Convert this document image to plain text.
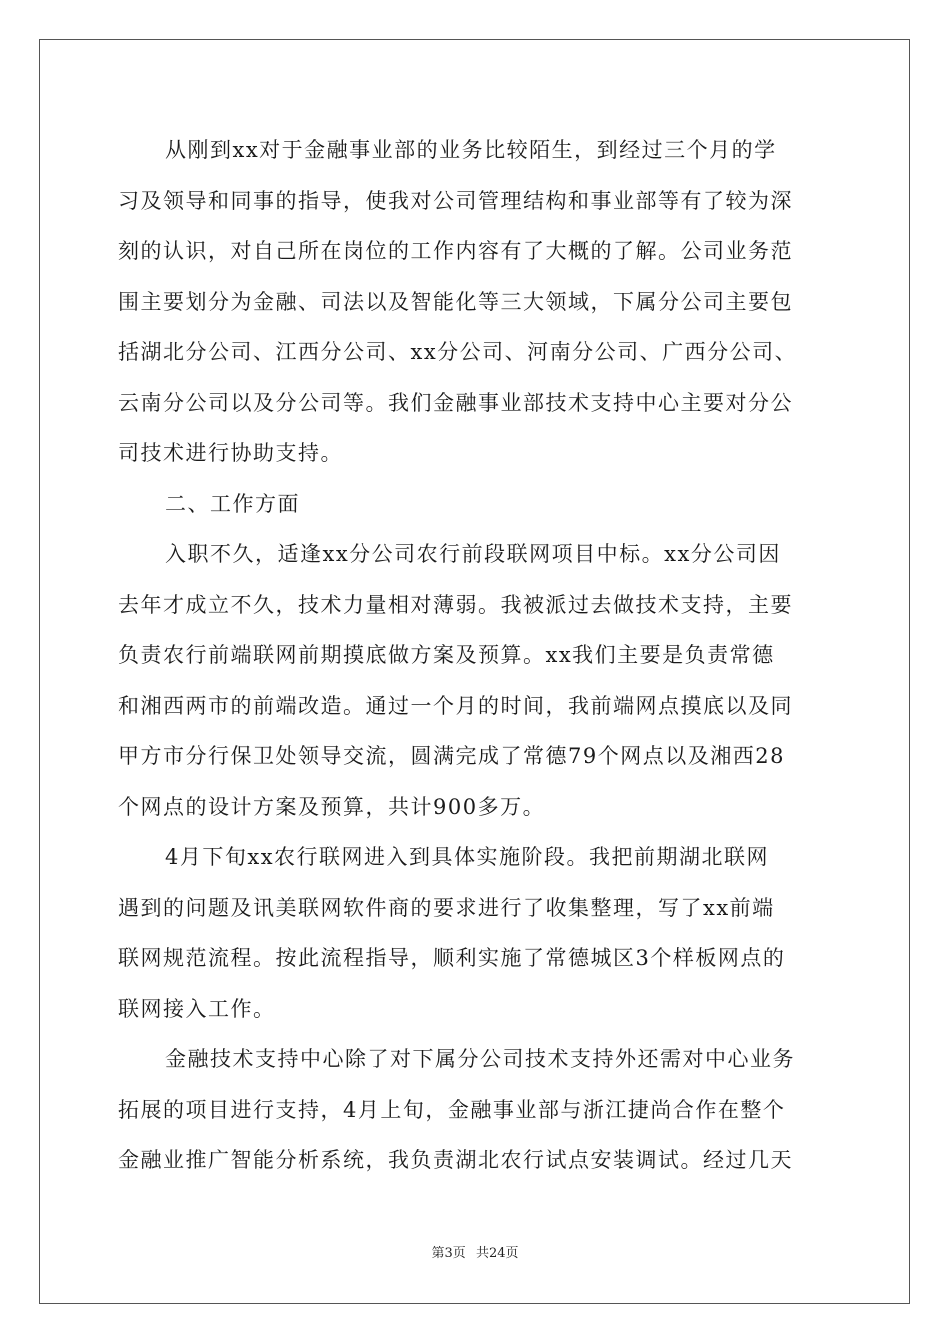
从刚到xx对于金融事业部的业务比较陌生，到经过三个月的学
习及领导和同事的指导，使我对公司管理结构和事业部等有了较为深
刻的认识，对自己所在岗位的工作内容有了大概的了解。公司业务范
围主要划分为金融、司法以及智能化等三大领域，下属分公司主要包
括湖北分公司、江西分公司、xx分公司、河南分公司、广西分公司、
云南分公司以及分公司等。我们金融事业部技术支持中心主要对分公
司技术进行协助支持。
二、工作方面
入职不久，适逢xx分公司农行前段联网项目中标。xx分公司因
去年才成立不久，技术力量相对薄弱。我被派过去做技术支持，主要
负责农行前端联网前期摸底做方案及预算。xx我们主要是负责常德
和湘西两市的前端改造。通过一个月的时间，我前端网点摸底以及同
甲方市分行保卫处领导交流，圆满完成了常德79个网点以及湘西28
个网点的设计方案及预算，共计900多万。
4月下旬xx农行联网进入到具体实施阶段。我把前期湖北联网
遇到的问题及讯美联网软件商的要求进行了收集整理，写了xx前端
联网规范流程。按此流程指导，顺利实施了常德城区3个样板网点的
联网接入工作。
金融技术支持中心除了对下属分公司技术支持外还需对中心业务
拓展的项目进行支持，4月上旬，金融事业部与浙江捷尚合作在整个
金融业推广智能分析系统，我负责湖北农行试点安装调试。经过几天
第3页 共24页
